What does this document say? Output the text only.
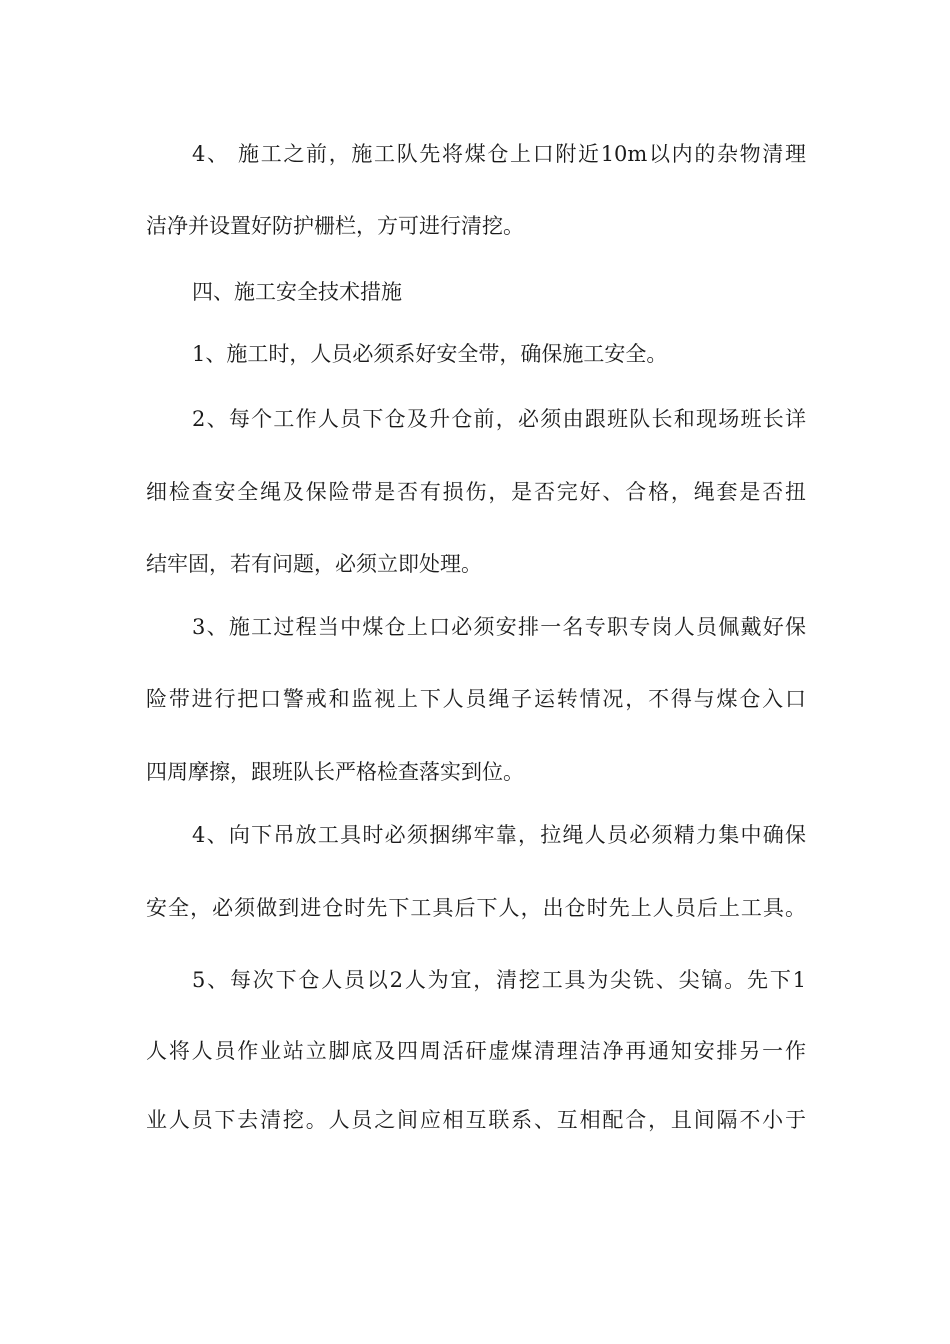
4、 施工之前，施工队先将煤仓上口附近10m以内的杂物清理
洁净并设置好防护栅栏，方可进行清挖。
四、施工安全技术措施
1、施工时，人员必须系好安全带，确保施工安全。
2、每个工作人员下仓及升仓前，必须由跟班队长和现场班长详
细检查安全绳及保险带是否有损伤，是否完好、合格，绳套是否扭
结牢固，若有问题，必须立即处理。
3、施工过程当中煤仓上口必须安排一名专职专岗人员佩戴好保
险带进行把口警戒和监视上下人员绳子运转情况，不得与煤仓入口
四周摩擦，跟班队长严格检查落实到位。
4、向下吊放工具时必须捆绑牢靠，拉绳人员必须精力集中确保
安全，必须做到进仓时先下工具后下人，出仓时先上人员后上工具。
5、每次下仓人员以2人为宜，清挖工具为尖铣、尖镐。先下1
人将人员作业站立脚底及四周活矸虚煤清理洁净再通知安排另一作
业人员下去清挖。人员之间应相互联系、互相配合，且间隔不小于
